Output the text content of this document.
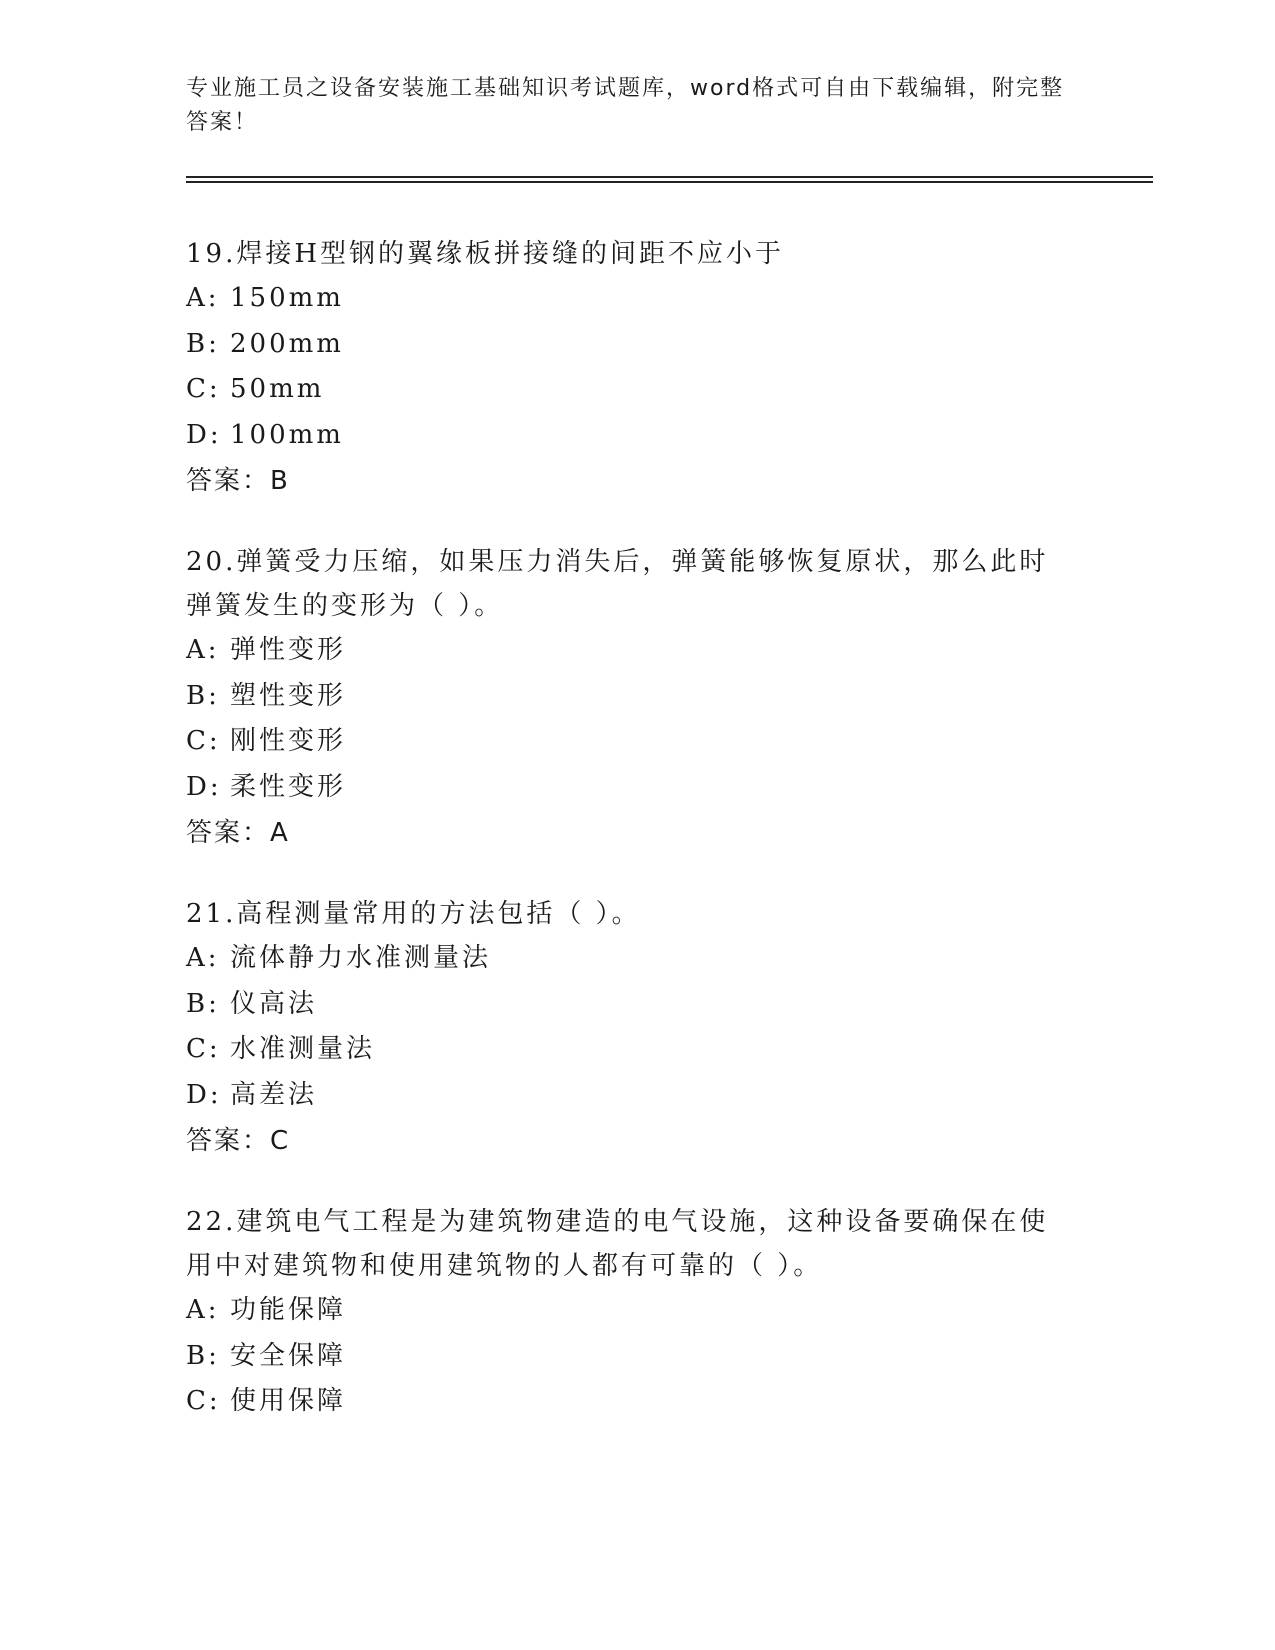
专业施工员之设备安装施工基础知识考试题库，word格式可自由下载编辑，附完整答案！
19.焊接H型钢的翼缘板拼接缝的间距不应小于
A: 150mm
B: 200mm
C: 50mm
D: 100mm
答案：B
20.弹簧受力压缩，如果压力消失后，弹簧能够恢复原状，那么此时弹簧发生的变形为（ ）。
A: 弹性变形
B: 塑性变形
C: 刚性变形
D: 柔性变形
答案：A
21.高程测量常用的方法包括（ ）。
A: 流体静力水准测量法
B: 仪高法
C: 水准测量法
D: 高差法
答案：C
22.建筑电气工程是为建筑物建造的电气设施，这种设备要确保在使用中对建筑物和使用建筑物的人都有可靠的（ ）。
A: 功能保障
B: 安全保障
C: 使用保障
